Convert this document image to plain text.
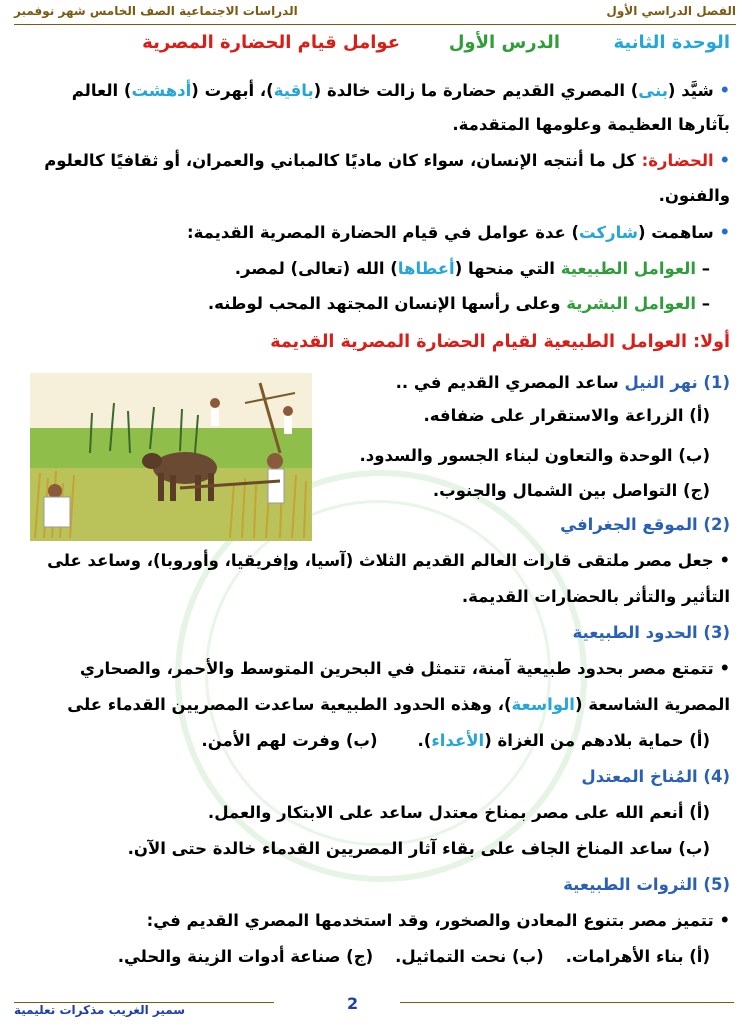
الفصل الدراسي الأول
الدراسات الاجتماعية الصف الخامس شهر نوفمبر
الوحدة الثانية
الدرس الأول
عوامل قيام الحضارة المصرية
• شيَّد (بنى) المصري القديم حضارة ما زالت خالدة (باقية)، أبهرت (أدهشت) العالم
بآثارها العظيمة وعلومها المتقدمة.
• الحضارة: كل ما أنتجه الإنسان، سواء كان ماديًا كالمباني والعمران، أو ثقافيًا كالعلوم
والفنون.
• ساهمت (شاركت) عدة عوامل في قيام الحضارة المصرية القديمة:
– العوامل الطبيعية التي منحها (أعطاها) الله (تعالى) لمصر.
– العوامل البشرية وعلى رأسها الإنسان المجتهد المحب لوطنه.
أولا: العوامل الطبيعية لقيام الحضارة المصرية القديمة
(1) نهر النيل ساعد المصري القديم في ..
(أ) الزراعة والاستقرار على ضفافه.
(ب) الوحدة والتعاون لبناء الجسور والسدود.
(ج) التواصل بين الشمال والجنوب.
(2) الموقع الجغرافي
• جعل مصر ملتقى قارات العالم القديم الثلاث (آسيا، وإفريقيا، وأوروبا)، وساعد على
التأثير والتأثر بالحضارات القديمة.
(3) الحدود الطبيعية
• تتمتع مصر بحدود طبيعية آمنة، تتمثل في البحرين المتوسط والأحمر، والصحاري
المصرية الشاسعة (الواسعة)، وهذه الحدود الطبيعية ساعدت المصريين القدماء على
(أ) حماية بلادهم من الغزاة (الأعداء).(ب) وفرت لهم الأمن.
(4) المُناخ المعتدل
(أ) أنعم الله على مصر بمناخ معتدل ساعد على الابتكار والعمل.
(ب) ساعد المناخ الجاف على بقاء آثار المصريين القدماء خالدة حتى الآن.
(5) الثروات الطبيعية
• تتميز مصر بتنوع المعادن والصخور، وقد استخدمها المصري القديم في:
(أ) بناء الأهرامات.(ب) نحت التماثيل.(ج) صناعة أدوات الزينة والحلي.
2
سمير الغريب مذكرات تعليمية
